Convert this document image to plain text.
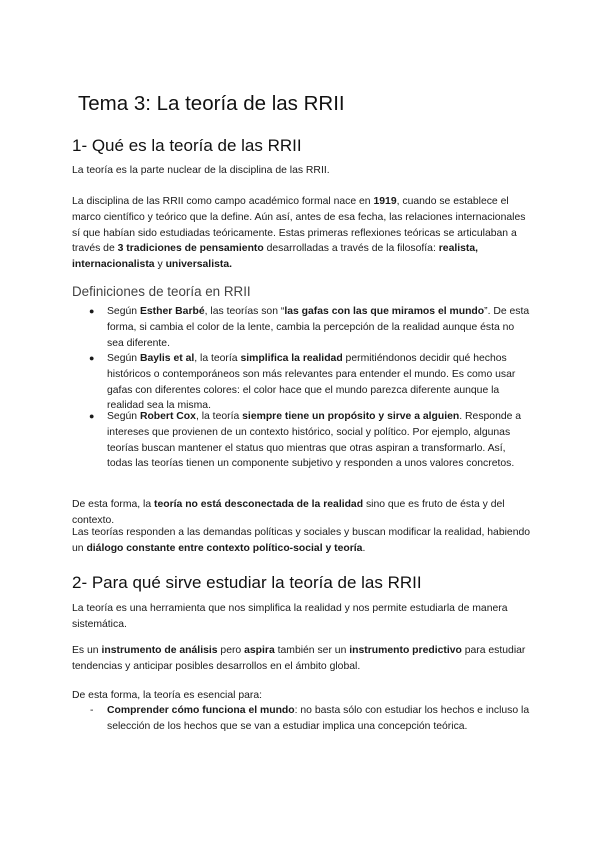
Tema 3: La teoría de las RRII
1- Qué es la teoría de las RRII

La teoría es la parte nuclear de la disciplina de las RRII.

La disciplina de las RRII como campo académico formal nace en 1919, cuando se establece el marco científico y teórico que la define. Aún así, antes de esa fecha, las relaciones internacionales sí que habían sido estudiadas teóricamente. Estas primeras reflexiones teóricas se articulaban a través de 3 tradiciones de pensamiento desarrolladas a través de la filosofía: realista, internacionalista y universalista.

Definiciones de teoría en RRII
● Según Esther Barbé, las teorías son “las gafas con las que miramos el mundo”. De esta forma, si cambia el color de la lente, cambia la percepción de la realidad aunque ésta no sea diferente.

● Según Baylis et al, la teoría simplifica la realidad permitiéndonos decidir qué hechos históricos o contemporáneos son más relevantes para entender el mundo. Es como usar gafas con diferentes colores: el color hace que el mundo parezca diferente aunque la realidad sea la misma.

● Según Robert Cox, la teoría siempre tiene un propósito y sirve a alguien. Responde a intereses que provienen de un contexto histórico, social y político. Por ejemplo, algunas teorías buscan mantener el status quo mientras que otras aspiran a transformarlo. Así, todas las teorías tienen un componente subjetivo y responden a unos valores concretos.

De esta forma, la teoría no está desconectada de la realidad sino que es fruto de ésta y del contexto.

Las teorías responden a las demandas políticas y sociales y buscan modificar la realidad, habiendo un diálogo constante entre contexto político-social y teoría.

2- Para qué sirve estudiar la teoría de las RRII

La teoría es una herramienta que nos simplifica la realidad y nos permite estudiarla de manera sistemática.

Es un instrumento de análisis pero aspira también ser un instrumento predictivo para estudiar tendencias y anticipar posibles desarrollos en el ámbito global.

De esta forma, la teoría es esencial para:

- Comprender cómo funciona el mundo: no basta sólo con estudiar los hechos e incluso la selección de los hechos que se van a estudiar implica una concepción teórica.
